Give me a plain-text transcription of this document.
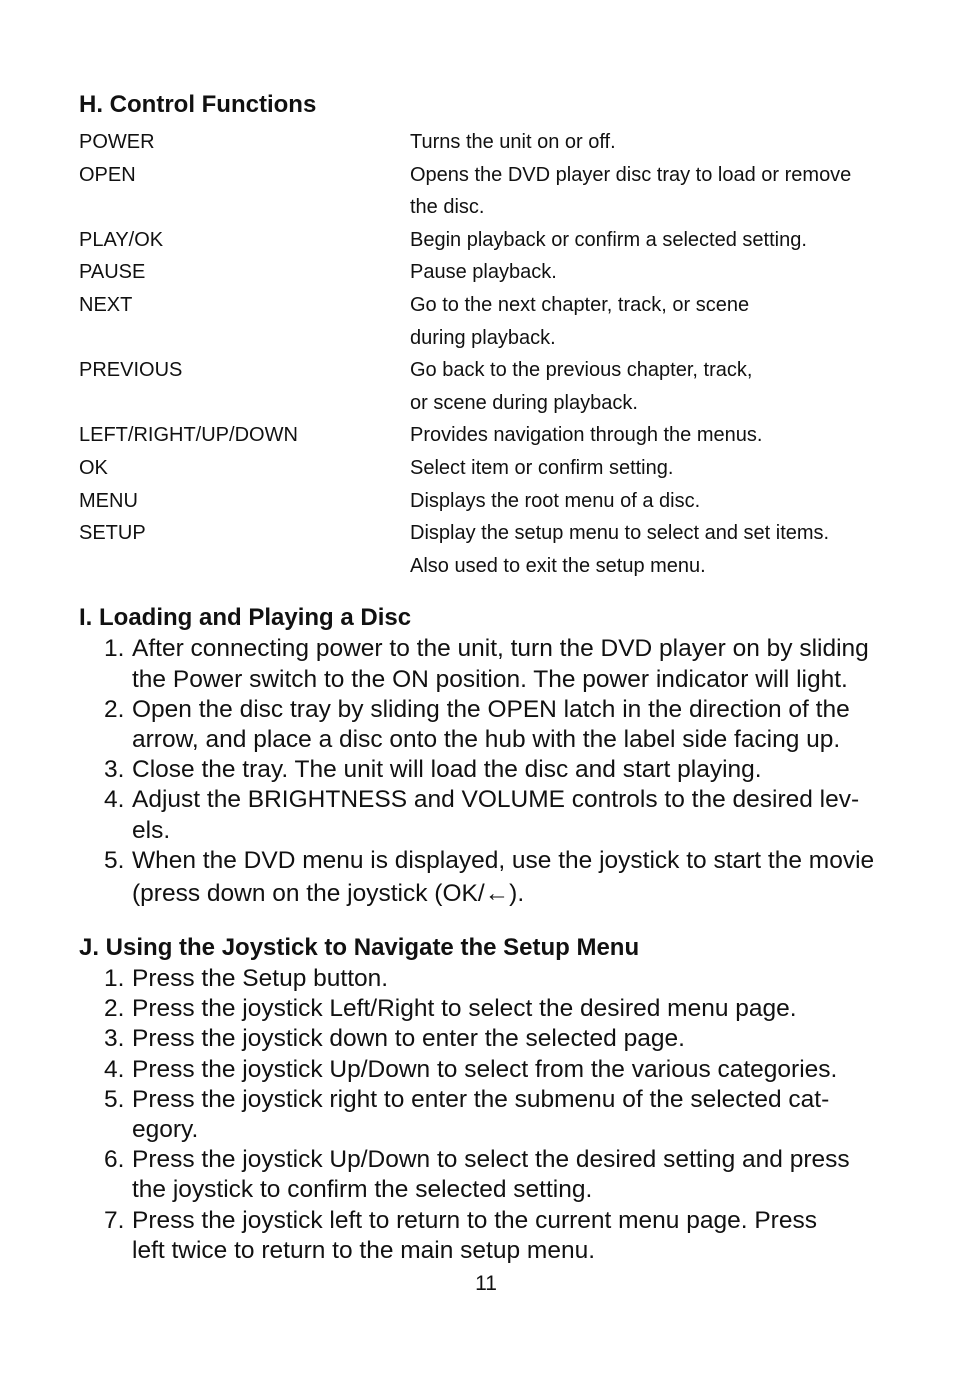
H. Control Functions
POWER	Turns the unit on or off.
OPEN	Opens the DVD player disc tray to load or remove
the disc.
PLAY/OK	Begin playback or confirm a selected setting.
PAUSE	Pause playback.
NEXT	Go to the next chapter, track, or scene
during playback.
PREVIOUS	Go back to the previous chapter, track,
or scene during playback.
LEFT/RIGHT/UP/DOWN	Provides navigation through the menus.
OK	Select item or confirm setting.
MENU	Displays the root menu of a disc.
SETUP	Display the setup menu to select and set items.
Also used to exit the setup menu.
I. Loading and Playing a Disc
1. After connecting power to the unit, turn the DVD player on by sliding
the Power switch to the ON position. The power indicator will light.
2. Open the disc tray by sliding the OPEN latch in the direction of the
arrow, and place a disc onto the hub with the label side facing up.
3. Close the tray. The unit will load the disc and start playing.
4. Adjust the BRIGHTNESS and VOLUME controls to the desired lev-
els.
5. When the DVD menu is displayed, use the joystick to start the movie
(press down on the joystick (OK/←).
J. Using the Joystick to Navigate the Setup Menu
1. Press the Setup button.
2. Press the joystick Left/Right to select the desired menu page.
3. Press the joystick down to enter the selected page.
4. Press the joystick Up/Down to select from the various categories.
5. Press the joystick right to enter the submenu of the selected cat-
egory.
6. Press the joystick Up/Down to select the desired setting and press
the joystick to confirm the selected setting.
7. Press the joystick left to return to the current menu page. Press
left twice to return to the main setup menu.
11
